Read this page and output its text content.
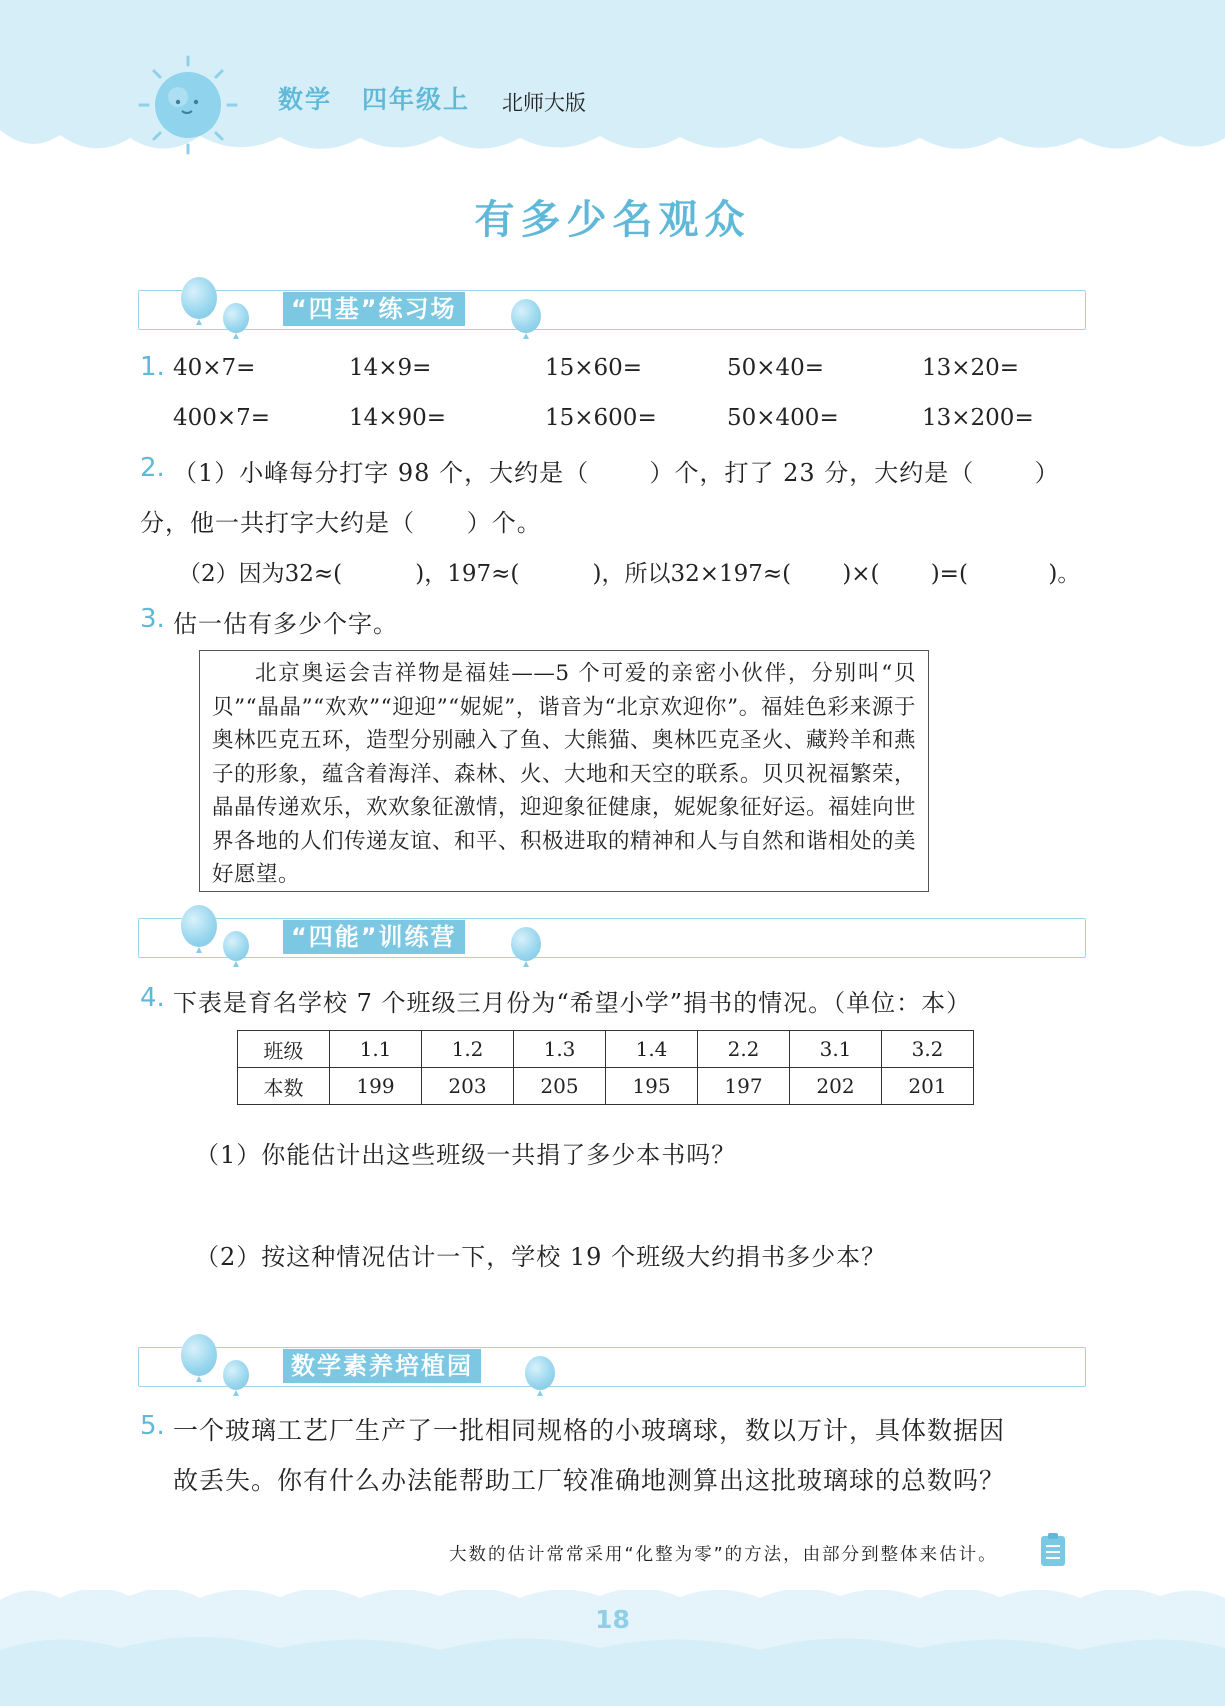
数学 四年级上 北师大版
有多少名观众
“四基”练习场
1. 40×7=	14×9=	15×60=	50×40=	13×20=
400×7=	14×90=	15×600=	50×400=	13×200=
2. （1）小峰每分打字 98 个，大约是（       ）个，打了 23 分，大约是（       ）
分，他一共打字大约是（      ）个。
（2）因为32≈(          )，197≈(          )，所以32×197≈(       )×(       )=(           )。
3. 估一估有多少个字。
北京奥运会吉祥物是福娃——5 个可爱的亲密小伙伴，分别叫“贝贝”“晶晶”“欢欢”“迎迎”“妮妮”，谐音为“北京欢迎你”。福娃色彩来源于奥林匹克五环，造型分别融入了鱼、大熊猫、奥林匹克圣火、藏羚羊和燕子的形象，蕴含着海洋、森林、火、大地和天空的联系。贝贝祝福繁荣，晶晶传递欢乐，欢欢象征激情，迎迎象征健康，妮妮象征好运。福娃向世界各地的人们传递友谊、和平、积极进取的精神和人与自然和谐相处的美好愿望。
“四能”训练营
4. 下表是育名学校 7 个班级三月份为“希望小学”捐书的情况。（单位：本）
班级	1.1	1.2	1.3	1.4	2.2	3.1	3.2
本数	199	203	205	195	197	202	201
（1）你能估计出这些班级一共捐了多少本书吗？
（2）按这种情况估计一下，学校 19 个班级大约捐书多少本？
数学素养培植园
5. 一个玻璃工艺厂生产了一批相同规格的小玻璃球，数以万计，具体数据因
故丢失。你有什么办法能帮助工厂较准确地测算出这批玻璃球的总数吗？
大数的估计常常采用“化整为零”的方法，由部分到整体来估计。
18
